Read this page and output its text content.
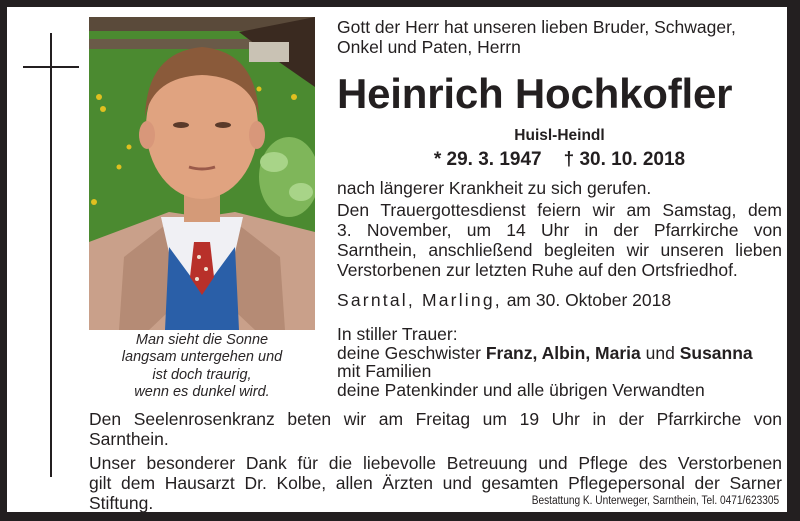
Man sieht die Sonne
langsam untergehen und
ist doch traurig,
wenn es dunkel wird.
Gott der Herr hat unseren lieben Bruder, Schwager,
Onkel und Paten, Herrn
Heinrich Hochkofler
Huisl-Heindl
* 29. 3. 1947 † 30. 10. 2018
nach längerer Krankheit zu sich gerufen.
Den Trauergottesdienst feiern wir am Samstag, dem
3. November, um 14 Uhr in der Pfarrkirche von
Sarnthein, anschließend begleiten wir unseren lieben
Verstorbenen zur letzten Ruhe auf den Ortsfriedhof.
Sarntal, Marling, am 30. Oktober 2018
In stiller Trauer:
deine Geschwister Franz, Albin, Maria und Susanna
mit Familien
deine Patenkinder und alle übrigen Verwandten
Den Seelenrosenkranz beten wir am Freitag um 19 Uhr in der Pfarrkirche von
Sarnthein.
Unser besonderer Dank für die liebevolle Betreuung und Pflege des Verstorbenen
gilt dem Hausarzt Dr. Kolbe, allen Ärzten und gesamten Pflegepersonal der Sarner
Stiftung.	Bestattung K. Unterweger, Sarnthein, Tel. 0471/623305
